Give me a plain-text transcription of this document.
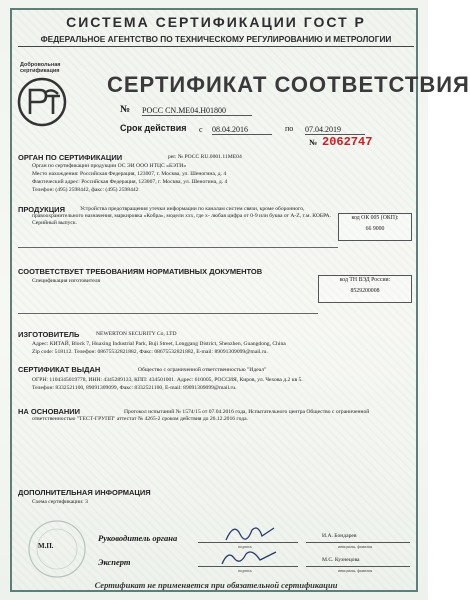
СИСТЕМА СЕРТИФИКАЦИИ ГОСТ Р
ФЕДЕРАЛЬНОЕ АГЕНТСТВО ПО ТЕХНИЧЕСКОМУ РЕГУЛИРОВАНИЮ И МЕТРОЛОГИИ
Добровольная сертификация
СЕРТИФИКАТ СООТВЕТСТВИЯ
№ РОСС CN.ME04.H01800
Срок действия с 08.04.2016	по 07.04.2019
№ 2062747
ОРГАН ПО СЕРТИФИКАЦИИ	рег. № РОСС RU.0001.11МЕ04
Орган по сертификации продукции ОС ЭИ ООО НТЦС «БЭТИ»
Место нахождения: Российская Федерация, 123007, г. Москва, ул. Шеногина, д. 4
Фактический адрес: Российская Федерация, 123007, г. Москва, ул. Шеногина, д. 4
Телефон: (495) 2598442, факс: (495) 2598442
ПРОДУКЦИЯ	Устройства предотвращения утечки информации по каналам систем связи, кроме оборонного, правоохранительного назначения, маркировка «Кобра», модели ххх, где х- любая цифра от 0-9 или буква от A-Z, т.м. КОБРА. Серийный выпуск.
код ОК 005 (ОКП):
66 9000
СООТВЕТСТВУЕТ ТРЕБОВАНИЯМ НОРМАТИВНЫХ ДОКУМЕНТОВ
Спецификация изготовителя	код ТН ВЭД России:
8529200008
ИЗГОТОВИТЕЛЬ	NEWERTON SECURITY Co, LTD
Адрес: КИТАЙ, Block 7, Huaxing Industrial Park, Buji Street, Longgang District, Shenzhen, Guangdong, China
Zip code: 518112. Телефон: 08675532821882, Факс: 08675532821882, E-mail: 89091309099@mail.ru.
СЕРТИФИКАТ ВЫДАН	Общество с ограниченной ответственностью "Идеал"
ОГРН: 1104345019778, ИНН: 4345289133, КПП: 434501001. Адрес: 610005, РОССИЯ, Киров, ул. Чехова д.2 кв 5.
Телефон: 8332521100, 89091309099, Факс: 8332521100, E-mail: 89091309099@mail.ru.
НА ОСНОВАНИИ	Протокол испытаний № 1574/15 от 07.04.2016 года, Испытательного центра Общество с ограниченной ответственностью "ТЕСТ-ГРУПП" аттестат № 4265-2 сроком действия до 26.12.2016 года.
ДОПОЛНИТЕЛЬНАЯ ИНФОРМАЦИЯ
Схема сертификации: 3
М.П.
Руководитель органа
подпись
И.А. Бондарев
инициалы, фамилия
Эксперт
подпись
М.С. Кузнецова
инициалы, фамилия
Сертификат не применяется при обязательной сертификации
